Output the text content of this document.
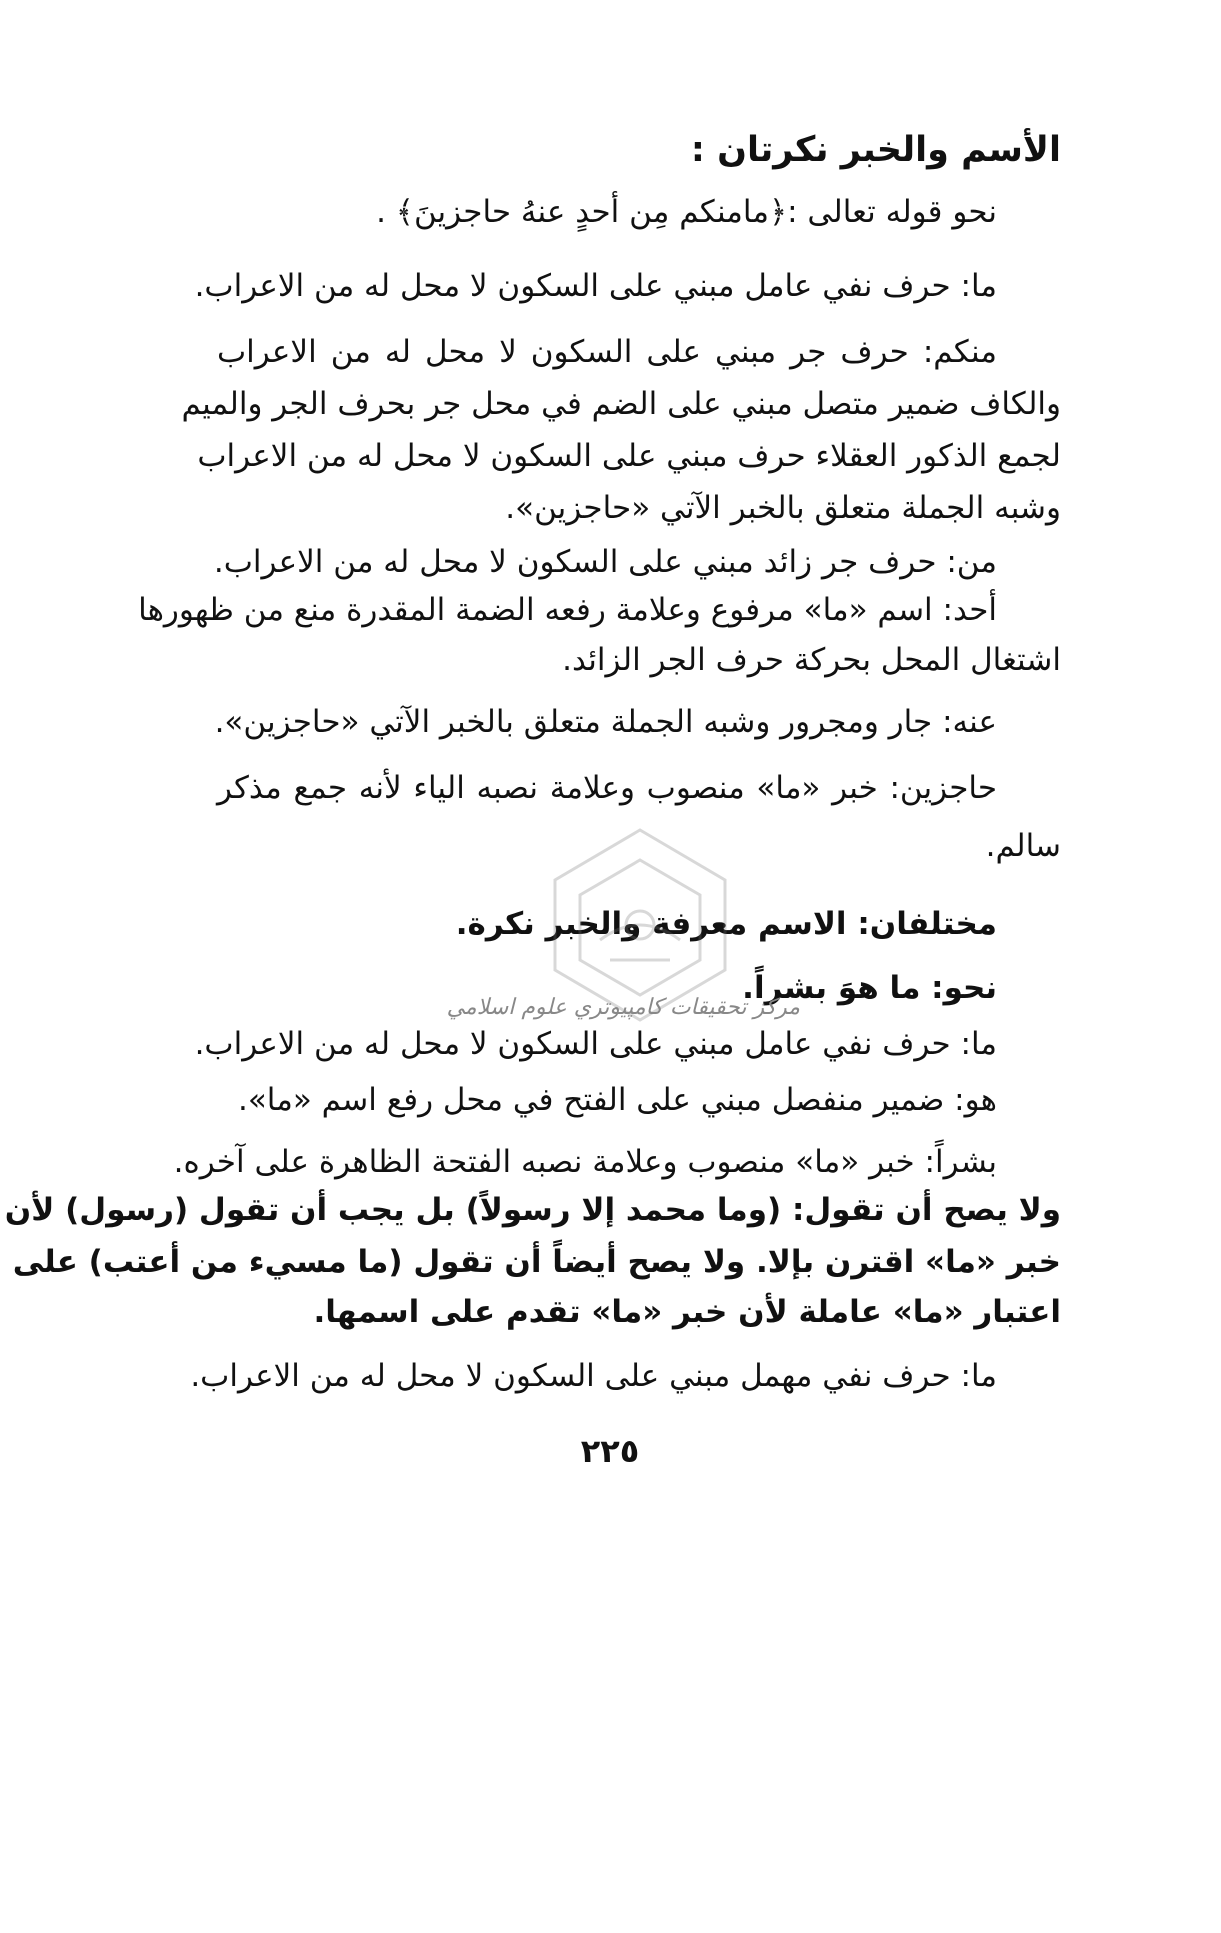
الأسم والخبر نكرتان :
نحو قوله تعالى :﴿مامنكم مِن أحدٍ عنهُ حاجزينَ﴾ .
ما: حرف نفي عامل مبني على السكون لا محل له من الاعراب.
منكم: حرف جر مبني على السكون لا محل له من الاعراب
والكاف ضمير متصل مبني على الضم في محل جر بحرف الجر والميم
لجمع الذكور العقلاء حرف مبني على السكون لا محل له من الاعراب
وشبه الجملة متعلق بالخبر الآتي «حاجزين».
من: حرف جر زائد مبني على السكون لا محل له من الاعراب.
أحد: اسم «ما» مرفوع وعلامة رفعه الضمة المقدرة منع من ظهورها
اشتغال المحل بحركة حرف الجر الزائد.
عنه: جار ومجرور وشبه الجملة متعلق بالخبر الآتي «حاجزين».
حاجزين: خبر «ما» منصوب وعلامة نصبه الياء لأنه جمع مذكر
سالم.
مختلفان: الاسم معرفة والخبر نكرة.
نحو: ما هوَ بشراً.
ما: حرف نفي عامل مبني على السكون لا محل له من الاعراب.
هو: ضمير منفصل مبني على الفتح في محل رفع اسم «ما».
بشراً: خبر «ما» منصوب وعلامة نصبه الفتحة الظاهرة على آخره.
ولا يصح أن تقول: (وما محمد إلا رسولاً) بل يجب أن تقول (رسول) لأن
خبر «ما» اقترن بإلا. ولا يصح أيضاً أن تقول (ما مسيء من أعتب) على
اعتبار «ما» عاملة لأن خبر «ما» تقدم على اسمها.
ما: حرف نفي مهمل مبني على السكون لا محل له من الاعراب.
٢٢٥
مركز تحقيقات كامپيوتري علوم اسلامي
